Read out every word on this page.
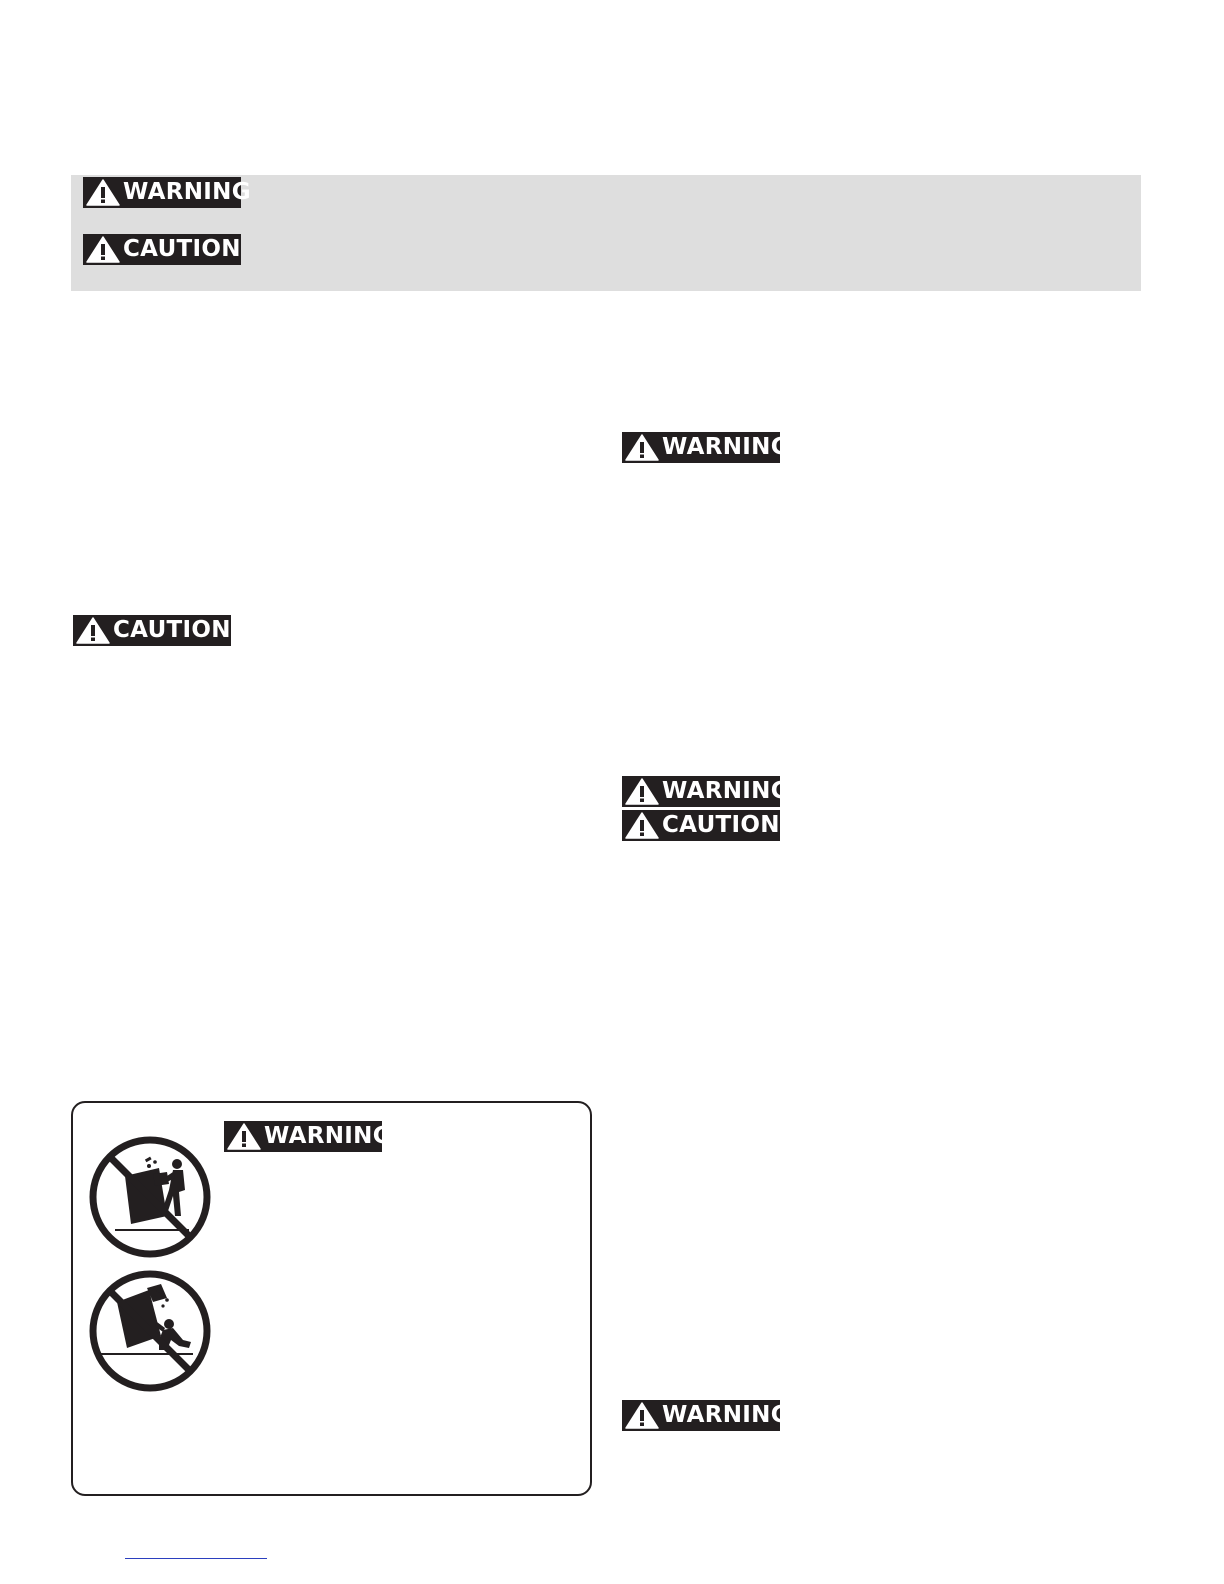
WARNING
CAUTION
CAUTION
WARNING
WARNING
CAUTION
WARNING
WARNING
